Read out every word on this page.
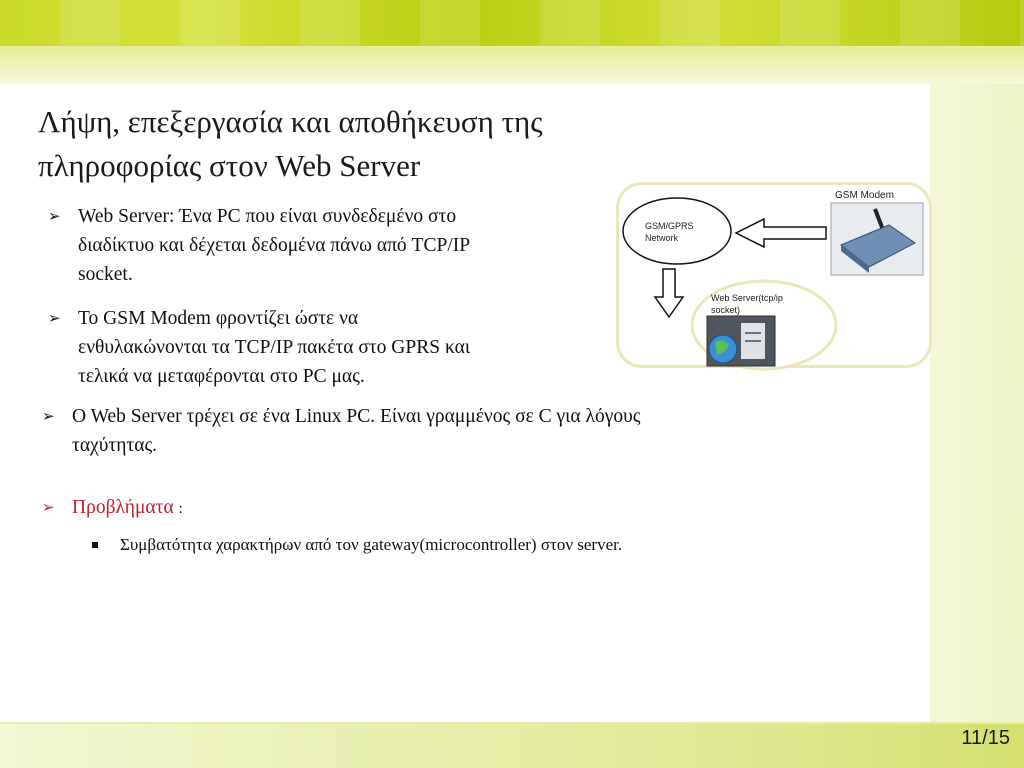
Λήψη, επεξεργασία και αποθήκευση της
πληροφορίας στον Web Server
➢ Web Server: Ένα PC που είναι συνδεδεμένο στο
διαδίκτυο και δέχεται δεδομένα πάνω από TCP/IP
socket.
➢ To GSM Modem φροντίζει ώστε να
ενθυλακώνονται τα TCP/IP πακέτα στο GPRS και
τελικά να μεταφέρονται στο PC μας.
➢ O Web Server τρέχει σε ένα Linux PC. Είναι γραμμένος σε C για λόγους
ταχύτητας.
➢ Προβλήματα :
Συμβατότητα χαρακτήρων από τον gateway(microcontroller) στον server.
GSM/GPRS
Network
GSM Modem
Web Server(tcp/ip
socket)
11/15
